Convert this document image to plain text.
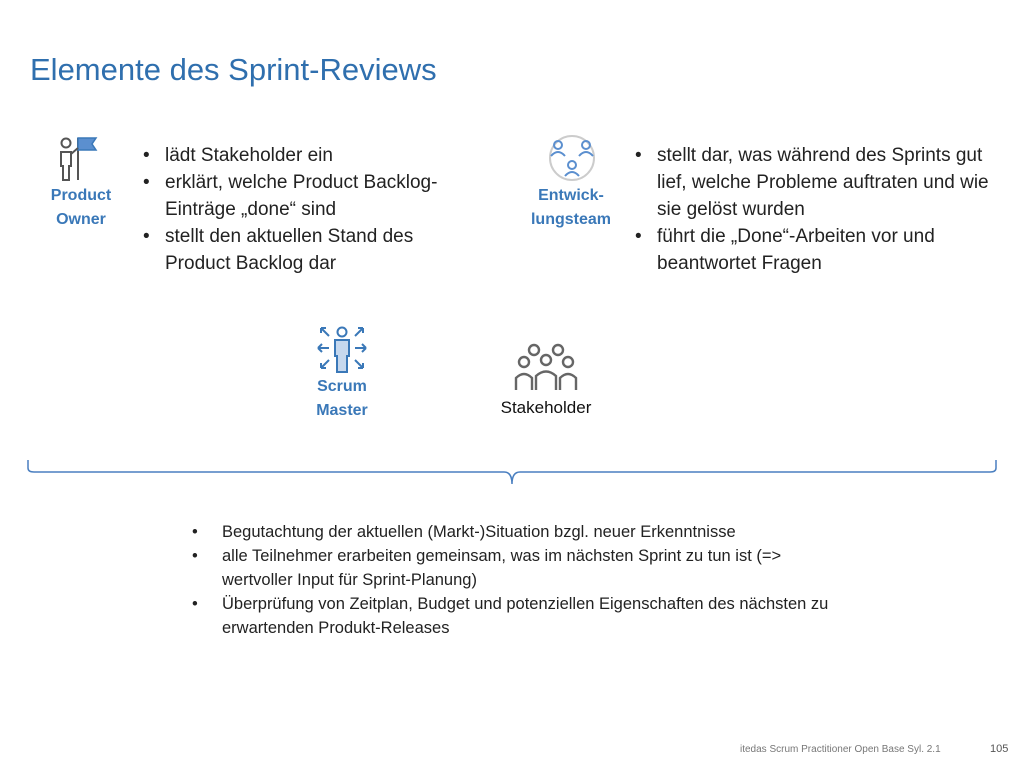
Elemente des Sprint-Reviews
Product
Owner
• lädt Stakeholder ein
• erklärt, welche Product Backlog-Einträge „done“ sind
• stellt den aktuellen Stand des Product Backlog dar
Entwick-
lungsteam
• stellt dar, was während des Sprints gut lief, welche Probleme auftraten und wie sie gelöst wurden
• führt die „Done“-Arbeiten vor und beantwortet Fragen
Scrum
Master	Stakeholder
• Begutachtung der aktuellen (Markt-)Situation bzgl. neuer Erkenntnisse
• alle Teilnehmer erarbeiten gemeinsam, was im nächsten Sprint zu tun ist (=> wertvoller Input für Sprint-Planung)
• Überprüfung von Zeitplan, Budget und potenziellen Eigenschaften des nächsten zu erwartenden Produkt-Releases
itedas Scrum Practitioner Open Base Syl. 2.1	105
